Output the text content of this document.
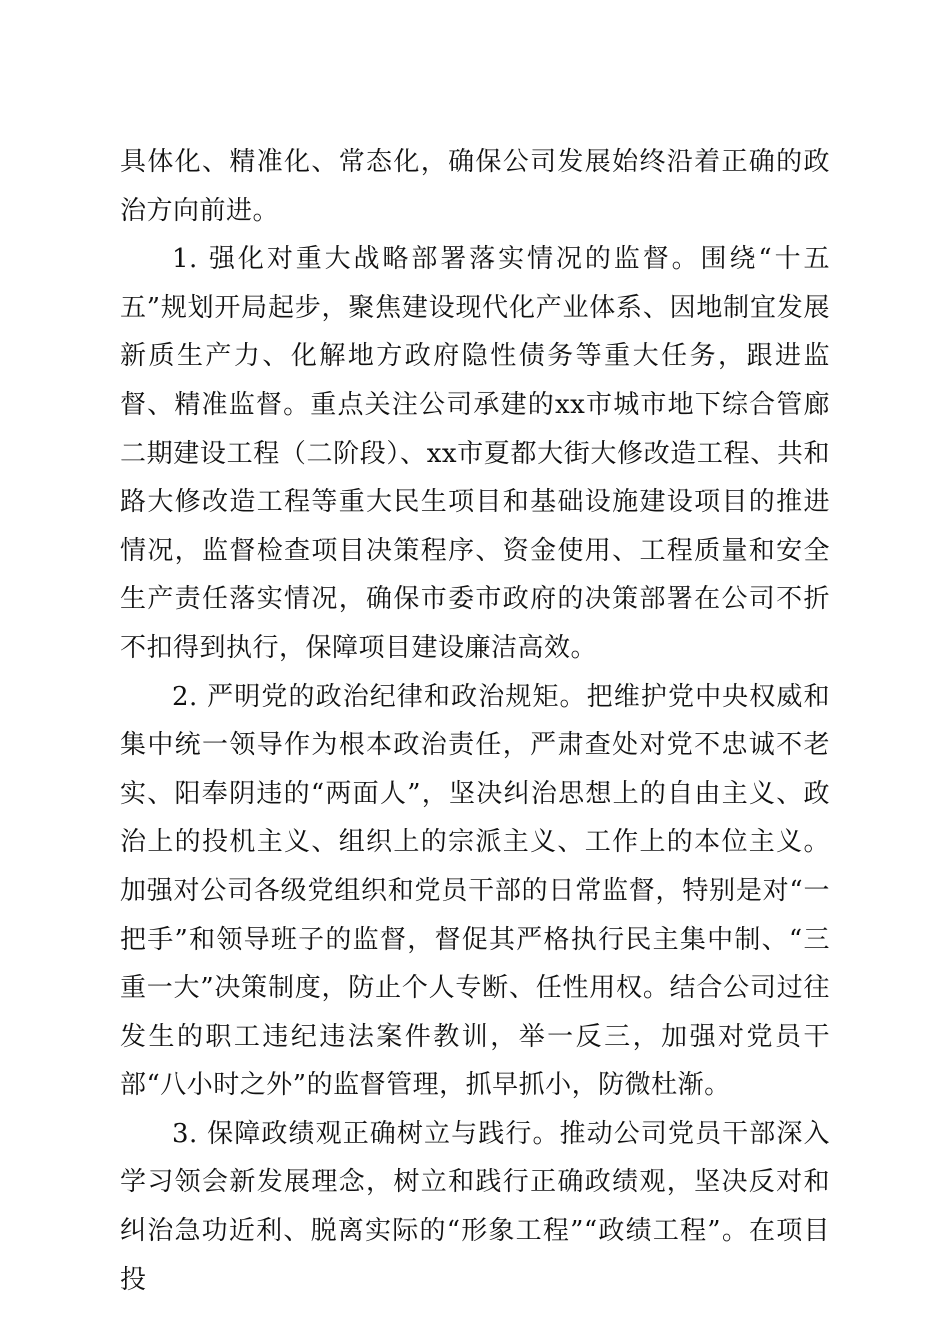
具体化、精准化、常态化，确保公司发展始终沿着正确的政治方向前进。

1. 强化对重大战略部署落实情况的监督。围绕“十五五”规划开局起步，聚焦建设现代化产业体系、因地制宜发展新质生产力、化解地方政府隐性债务等重大任务，跟进监督、精准监督。重点关注公司承建的xx市城市地下综合管廊二期建设工程（二阶段）、xx市夏都大街大修改造工程、共和路大修改造工程等重大民生项目和基础设施建设项目的推进情况，监督检查项目决策程序、资金使用、工程质量和安全生产责任落实情况，确保市委市政府的决策部署在公司不折不扣得到执行，保障项目建设廉洁高效。

2. 严明党的政治纪律和政治规矩。把维护党中央权威和集中统一领导作为根本政治责任，严肃查处对党不忠诚不老实、阳奉阴违的“两面人”，坚决纠治思想上的自由主义、政治上的投机主义、组织上的宗派主义、工作上的本位主义。加强对公司各级党组织和党员干部的日常监督，特别是对“一把手”和领导班子的监督，督促其严格执行民主集中制、“三重一大”决策制度，防止个人专断、任性用权。结合公司过往发生的职工违纪违法案件教训，举一反三，加强对党员干部“八小时之外”的监督管理，抓早抓小，防微杜渐。

3. 保障政绩观正确树立与践行。推动公司党员干部深入学习领会新发展理念，树立和践行正确政绩观，坚决反对和纠治急功近利、脱离实际的“形象工程”“政绩工程”。在项目投
